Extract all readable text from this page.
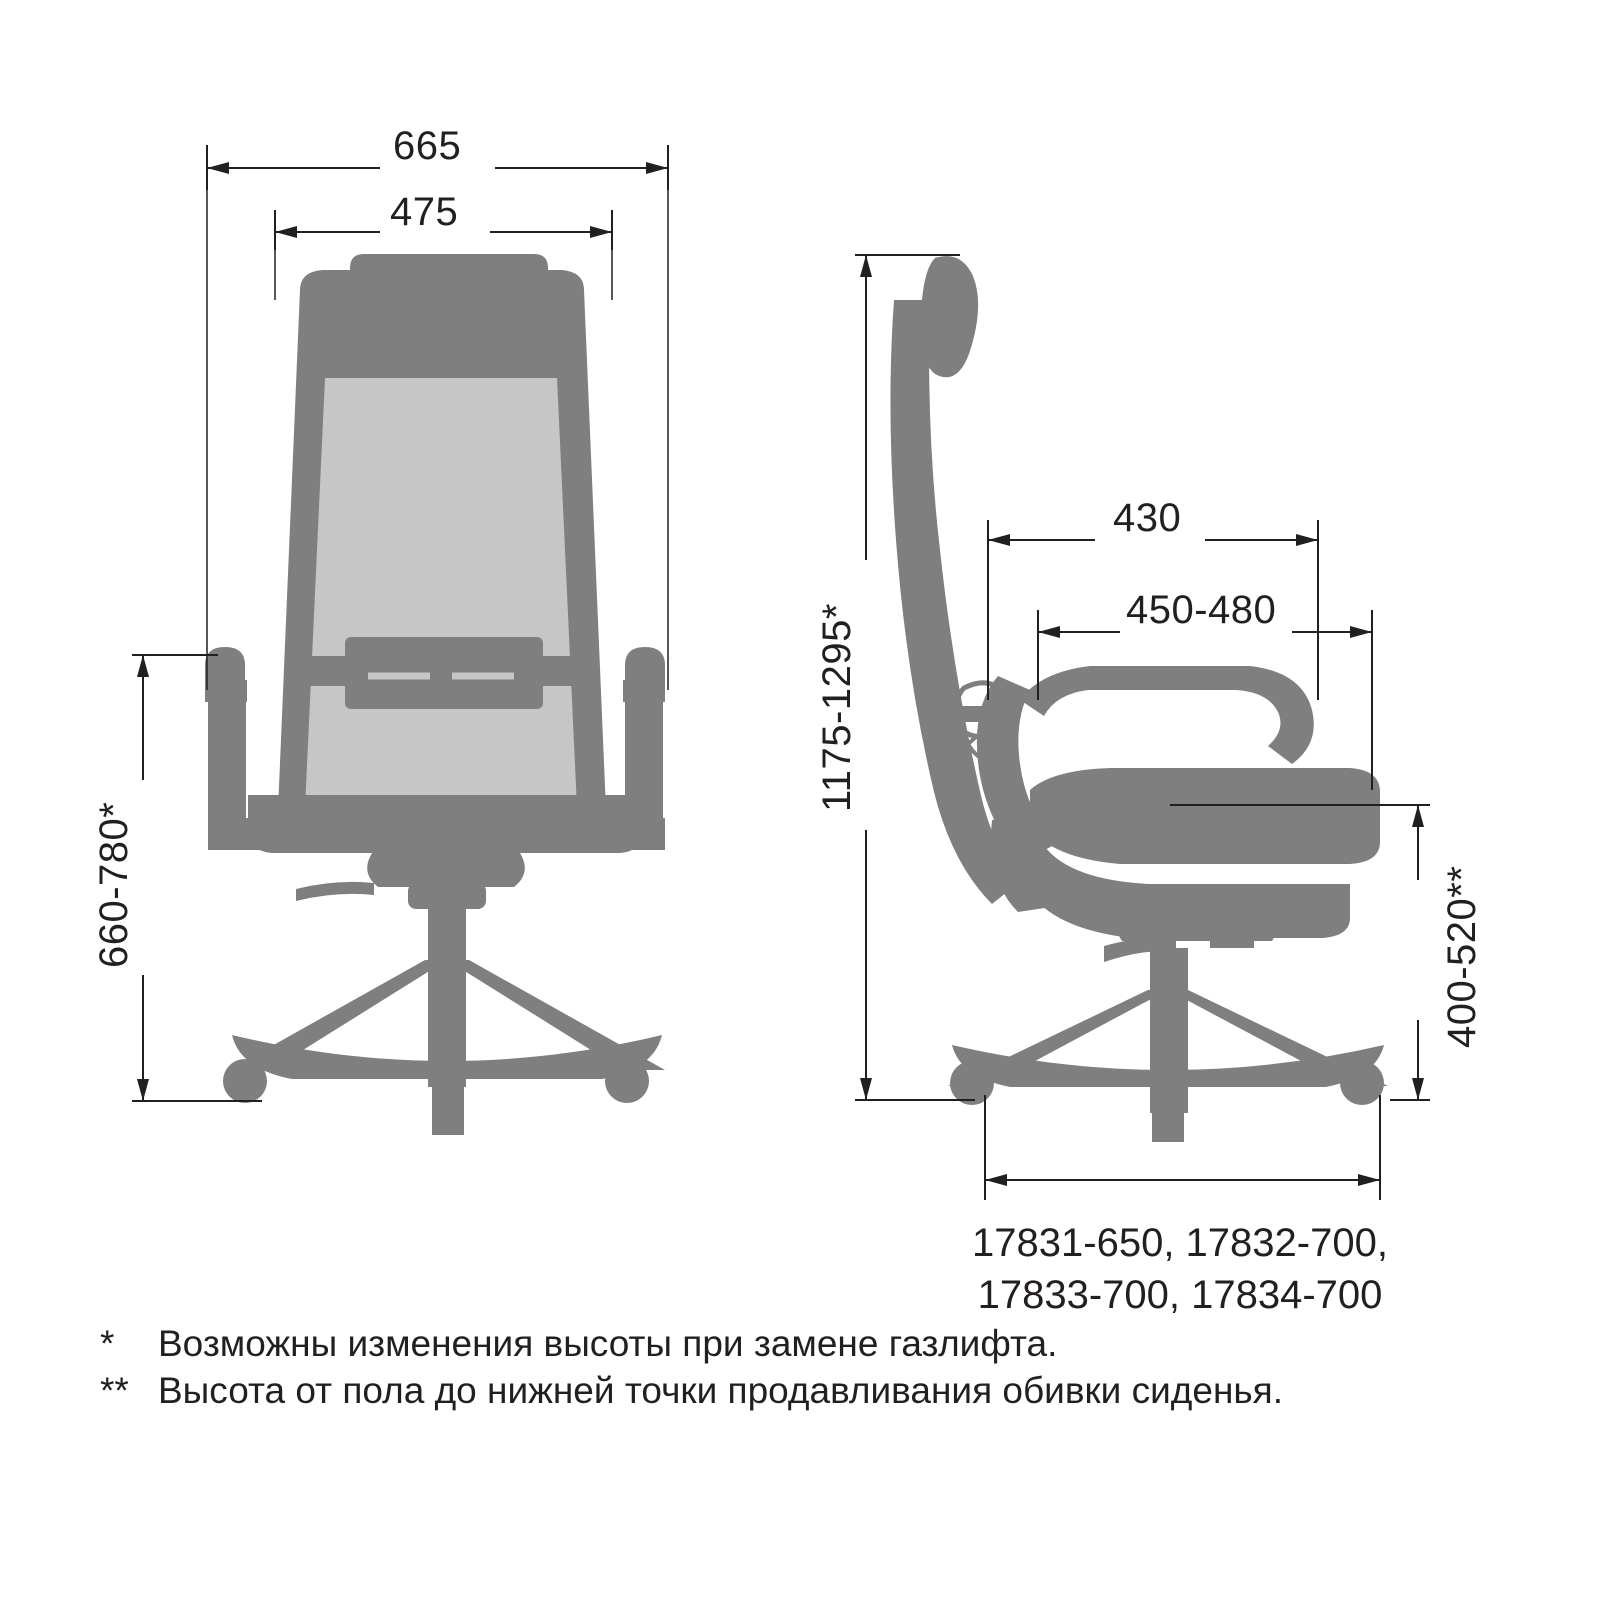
665
475
660-780*
1175-1295*
430
450-480
400-520**
17831-650, 17832-700,
17833-700, 17834-700
*	Возможны изменения высоты при замене газлифта.
** Высота от пола до нижней точки продавливания обивки сиденья.
